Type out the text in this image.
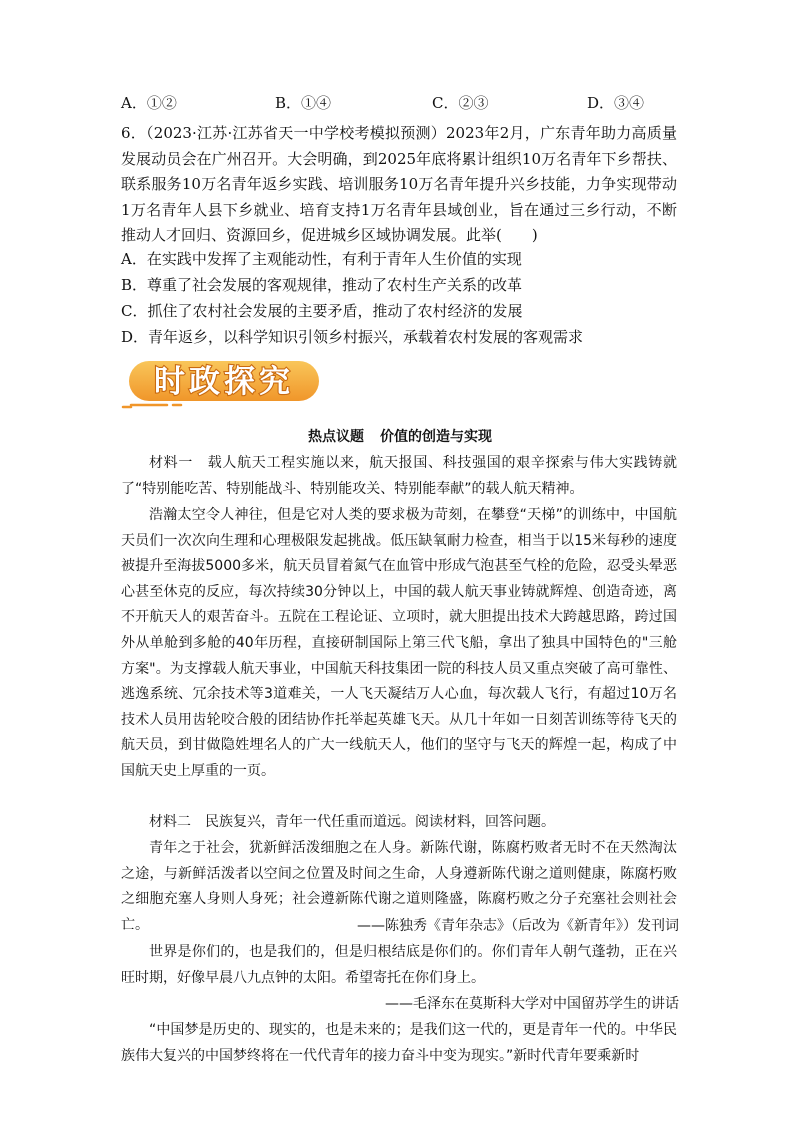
A．①②	B．①④	C．②③	D．③④

6．（2023·江苏·江苏省天一中学校考模拟预测）2023年2月，广东青年助力高质量发展动员会在广州召开。大会明确，到2025年底将累计组织10万名青年下乡帮扶、联系服务10万名青年返乡实践、培训服务10万名青年提升兴乡技能，力争实现带动1万名青年人县下乡就业、培育支持1万名青年县域创业，旨在通过三乡行动，不断推动人才回归、资源回乡，促进城乡区域协调发展。此举(　　)

A．在实践中发挥了主观能动性，有利于青年人生价值的实现
B．尊重了社会发展的客观规律，推动了农村生产关系的改革
C．抓住了农村社会发展的主要矛盾，推动了农村经济的发展
D．青年返乡，以科学知识引领乡村振兴，承载着农村发展的客观需求
时政探究
热点议题 价值的创造与实现

材料一　载人航天工程实施以来，航天报国、科技强国的艰辛探索与伟大实践铸就了“特别能吃苦、特别能战斗、特别能攻关、特别能奉献”的载人航天精神。

浩瀚太空令人神往，但是它对人类的要求极为苛刻，在攀登“天梯”的训练中，中国航天员们一次次向生理和心理极限发起挑战。低压缺氧耐力检查，相当于以15米每秒的速度被提升至海拔5000多米，航天员冒着氮气在血管中形成气泡甚至气栓的危险，忍受头晕恶心甚至休克的反应，每次持续30分钟以上，中国的载人航天事业铸就辉煌、创造奇迹，离不开航天人的艰苦奋斗。五院在工程论证、立项时，就大胆提出技术大跨越思路，跨过国外从单舱到多舱的40年历程，直接研制国际上第三代飞船，拿出了独具中国特色的"三舱方案"。为支撑载人航天事业，中国航天科技集团一院的科技人员又重点突破了高可靠性、逃逸系统、冗余技术等3道难关，一人飞天凝结万人心血，每次载人飞行，有超过10万名技术人员用齿轮咬合般的团结协作托举起英雄飞天。从几十年如一日刻苦训练等待飞天的航天员，到甘做隐姓埋名人的广大一线航天人，他们的坚守与飞天的辉煌一起，构成了中国航天史上厚重的一页。

材料二　民族复兴，青年一代任重而道远。阅读材料，回答问题。

青年之于社会，犹新鲜活泼细胞之在人身。新陈代谢，陈腐朽败者无时不在天然淘汰之途，与新鲜活泼者以空间之位置及时间之生命，人身遵新陈代谢之道则健康，陈腐朽败之细胞充塞人身则人身死；社会遵新陈代谢之道则隆盛，陈腐朽败之分子充塞社会则社会亡。	——陈独秀《青年杂志》（后改为《新青年》）发刊词

世界是你们的，也是我们的，但是归根结底是你们的。你们青年人朝气蓬勃，正在兴旺时期，好像早晨八九点钟的太阳。希望寄托在你们身上。

——毛泽东在莫斯科大学对中国留苏学生的讲话

“中国梦是历史的、现实的，也是未来的；是我们这一代的，更是青年一代的。中华民族伟大复兴的中国梦终将在一代代青年的接力奋斗中变为现实。”新时代青年要乘新时
